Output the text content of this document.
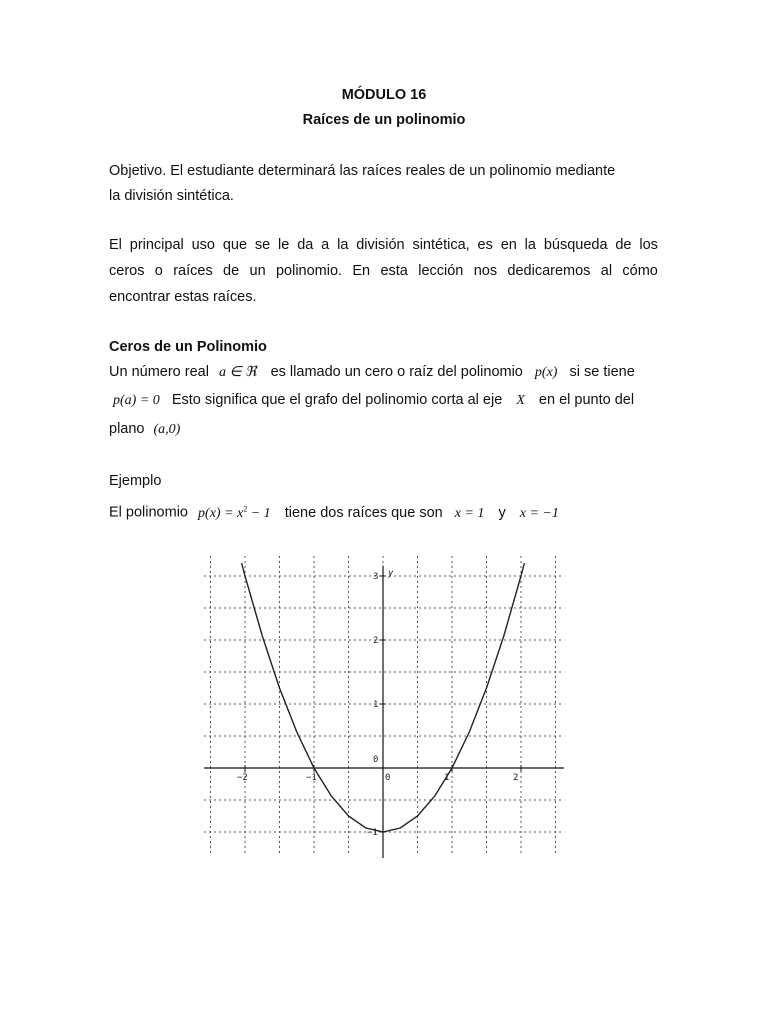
MÓDULO 16
Raíces de un polinomio
Objetivo. El estudiante determinará las raíces reales de un polinomio mediante
la división sintética.
El principal uso que se le da a la división sintética, es en la búsqueda de los
ceros o raíces de un polinomio. En esta lección nos dedicaremos al cómo
encontrar estas raíces.
Ceros de un Polinomio
Un número real a ∈ ℜ es llamado un cero o raíz del polinomio p(x) si se tiene
p(a) = 0 Esto significa que el grafo del polinomio corta al eje X en el punto del
plano (a,0)
Ejemplo
El polinomio $p(x) = x^2 - 1$ tiene dos raíces que son x = 1 y x = −1
y
−2	−1	0	1	2
−1
0
1
2
3
